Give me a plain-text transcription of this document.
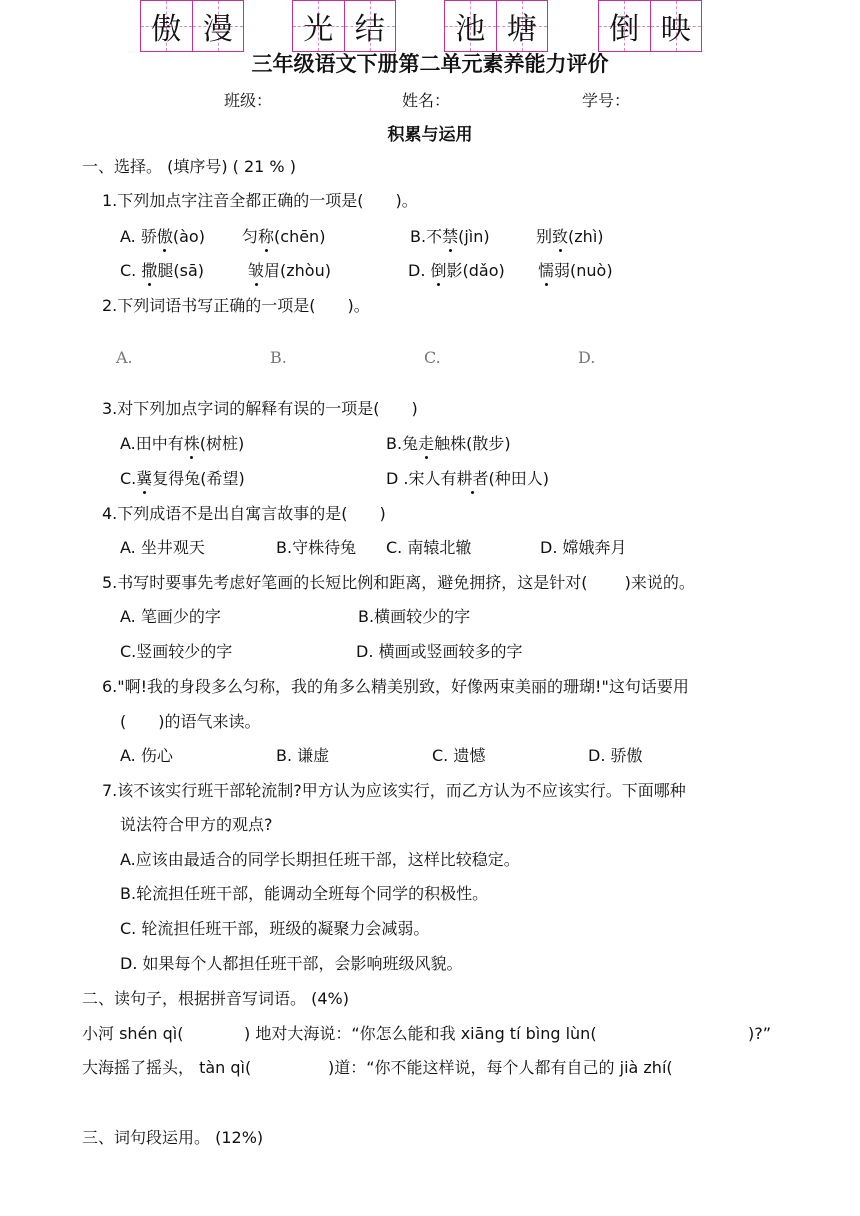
三年级语文下册第二单元素养能力评价
班级：	姓名：	学号：
积累与运用
一、选择。 (填序号) ( 21 % )
1.下列加点字注音全都正确的一项是(　　)。
A. 骄傲(ào) 匀称(chēn)	B.不禁(jìn)	别致(zhì)
C. 撒腿(sā)	皱眉(zhòu)	D. 倒影(dǎo) 懦弱(nuò)
2.下列词语书写正确的一项是(　　)。
A.
傲 漫
B.
光 结
C.
池 塘
D.
倒 映
3.对下列加点字词的解释有误的一项是(　　)
A.田中有株(树桩)	B.兔走触株(散步)
C.冀复得兔(希望)	D .宋人有耕者(种田人)
4.下列成语不是出自寓言故事的是(　　)
A. 坐井观天	B.守株待兔 C. 南辕北辙	D. 嫦娥奔月
5.书写时要事先考虑好笔画的长短比例和距离，避免拥挤，这是针对(　　 )来说的。
A. 笔画少的字	B.横画较少的字
C.竖画较少的字	D. 横画或竖画较多的字
6."啊!我的身段多么匀称，我的角多么精美别致，好像两束美丽的珊瑚!"这句话要用
(　　)的语气来读。
A. 伤心	B. 谦虚	C. 遗憾	D. 骄傲
7.该不该实行班干部轮流制?甲方认为应该实行，而乙方认为不应该实行。下面哪种
说法符合甲方的观点?
A.应该由最适合的同学长期担任班干部，这样比较稳定。
B.轮流担任班干部，能调动全班每个同学的积极性。
C. 轮流担任班干部，班级的凝聚力会减弱。
D. 如果每个人都担任班干部，会影响班级风貌。
二、读句子，根据拼音写词语。 (4%)
小河 shén qì(	) 地对大海说：“你怎么能和我 xiāng tí bìng lùn(	)?”
大海摇了摇头， tàn qì(	)道：“你不能这样说，每个人都有自己的 jià zhí(
三、词句段运用。 (12%)
